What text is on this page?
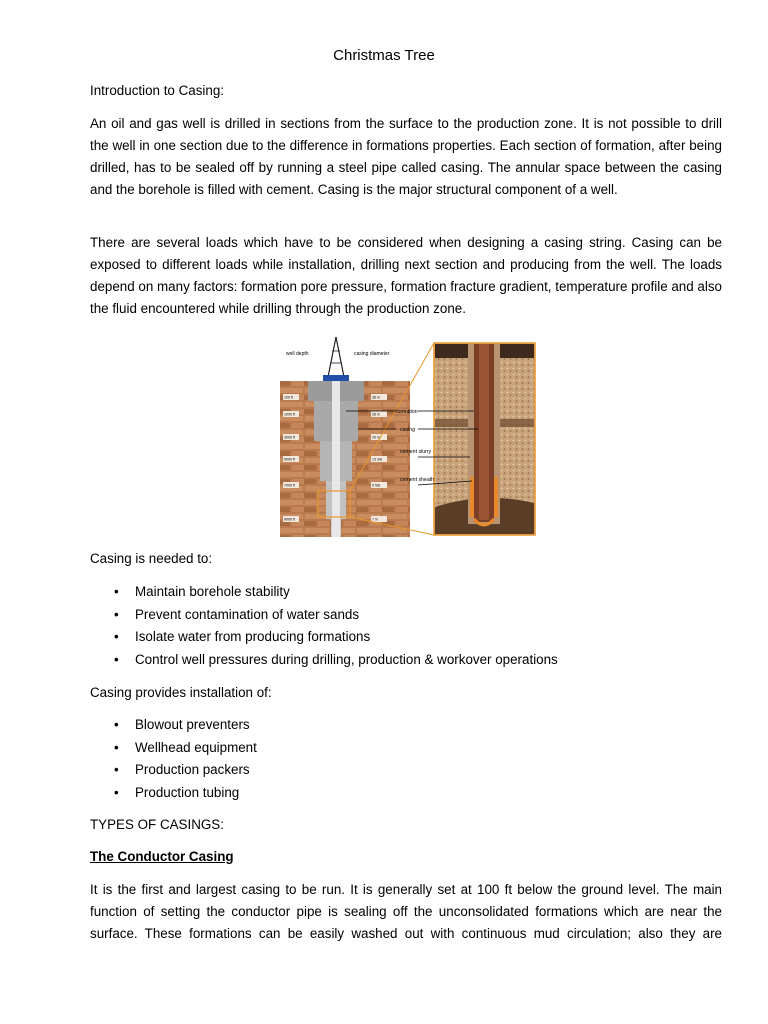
Christmas Tree

Introduction to Casing:

An oil and gas well is drilled in sections from the surface to the production zone. It is not possible to drill the well in one section due to the difference in formations properties. Each section of formation, after being drilled, has to be sealed off by running a steel pipe called casing. The annular space between the casing and the borehole is filled with cement. Casing is the major structural component of a well.

There are several loads which have to be considered when designing a casing string. Casing can be exposed to different loads while installation, drilling next section and producing from the well. The loads depend on many factors: formation pore pressure, formation fracture gradient, temperature profile and also the fluid encountered while drilling through the production zone.

well depth	casing diameter
100 ft
1000 ft
3000 ft
5000 ft
7000 ft
9000 ft
36 in
26 in
20 in
13 3/8
9 5/8
7 in
formation
casing
cement slurry
cement sheath

Casing is needed to:

• Maintain borehole stability
• Prevent contamination of water sands
• Isolate water from producing formations
• Control well pressures during drilling, production & workover operations

Casing provides installation of:

• Blowout preventers
• Wellhead equipment
• Production packers
• Production tubing

TYPES OF CASINGS:

The Conductor Casing

It is the first and largest casing to be run. It is generally set at 100 ft below the ground level. The main

function of setting the conductor pipe is sealing off the unconsolidated formations which are near the

surface. These formations can be easily washed out with continuous mud circulation; also they are
